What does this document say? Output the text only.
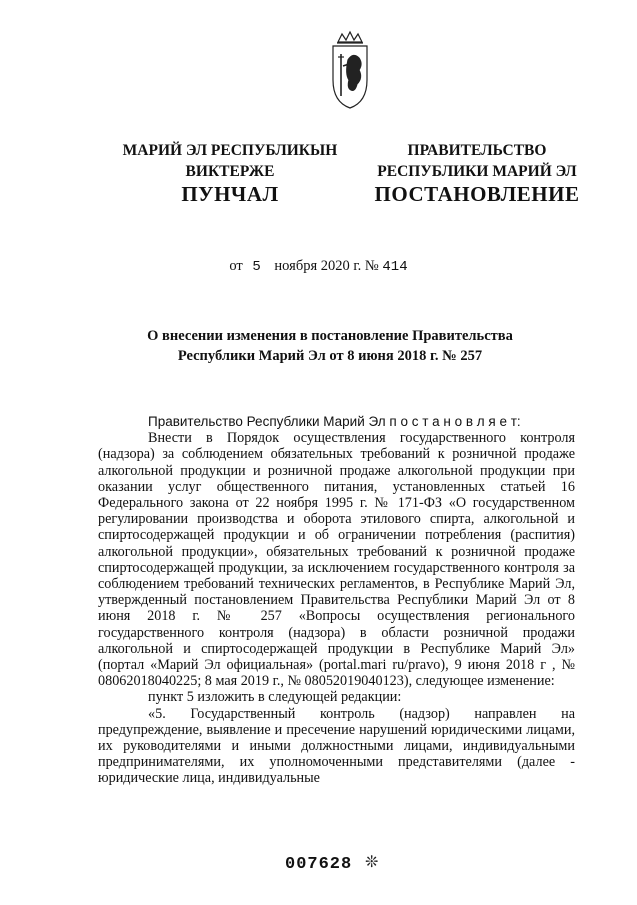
МАРИЙ ЭЛ РЕСПУБЛИКЫН
ВИКТЕРЖЕ
ПРАВИТЕЛЬСТВО
РЕСПУБЛИКИ МАРИЙ ЭЛ
ПУНЧАЛ	ПОСТАНОВЛЕНИЕ
от 5 ноября 2020 г. № 414
О внесении изменения в постановление Правительства
Республики Марий Эл от 8 июня 2018 г. № 257

Правительство Республики Марий Эл п о с т а н о в л я е т:

Внести в Порядок осуществления государственного контроля (надзора) за соблюдением обязательных требований к розничной продаже алкогольной продукции и розничной продаже алкогольной продукции при оказании услуг общественного питания, установленных статьей 16 Федерального закона от 22 ноября 1995 г. № 171-ФЗ «О государственном регулировании производства и оборота этилового спирта, алкогольной и спиртосодержащей продукции и об ограничении потребления (распития) алкогольной продукции», обязательных требований к розничной продаже спиртосодержащей продукции, за исключением государственного контроля за соблюдением требований технических регламентов, в Республике Марий Эл, утвержденный постановлением Правительства Республики Марий Эл от 8 июня 2018 г. № 257 «Вопросы осуществления регионального государственного контроля (надзора) в области розничной продажи алкогольной и спиртосодержащей продукции в Республике Марий Эл» (портал «Марий Эл официальная» (portal.mari ru/pravo), 9 июня 2018 г , № 08062018040225; 8 мая 2019 г., № 08052019040123), следующее изменение:

пункт 5 изложить в следующей редакции:

«5. Государственный контроль (надзор) направлен на предупреждение, выявление и пресечение нарушений юридическими лицами, их руководителями и иными должностными лицами, индивидуальными предпринимателями, их уполномоченными представителями (далее - юридические лица, индивидуальные

007628 ❊
